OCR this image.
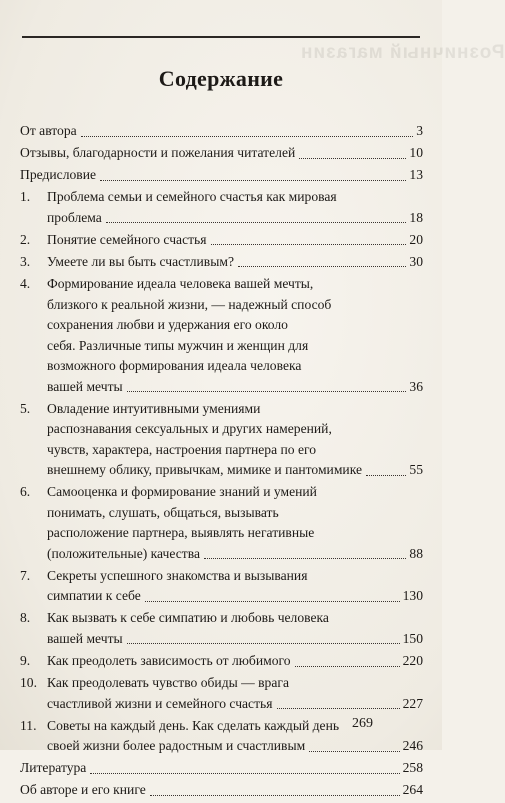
Розничный магазин
Содержание
От автора	3
Отзывы, благодарности и пожелания читателей	10
Предисловие	13
1.	Проблема семьи и семейного счастья как мировая
проблема	18
2.	Понятие семейного счастья	20
3.	Умеете ли вы быть счастливым?	30
4.	Формирование идеала человека вашей мечты,
близкого к реальной жизни, — надежный способ
сохранения любви и удержания его около
себя. Различные типы мужчин и женщин для
возможного формирования идеала человека
вашей мечты	36
5.	Овладение интуитивными умениями
распознавания сексуальных и других намерений,
чувств, характера, настроения партнера по его
внешнему облику, привычкам, мимике и пантомимике	55
6.	Самооценка и формирование знаний и умений
понимать, слушать, общаться, вызывать
расположение партнера, выявлять негативные
(положительные) качества	88
7.	Секреты успешного знакомства и вызывания
симпатии к себе	130
8.	Как вызвать к себе симпатию и любовь человека
вашей мечты	150
9.	Как преодолеть зависимость от любимого	220
10. Как преодолевать чувство обиды — врага
счастливой жизни и семейного счастья	227
11. Советы на каждый день. Как сделать каждый день
своей жизни более радостным и счастливым	246
Литература	258
Об авторе и его книге	264
269
